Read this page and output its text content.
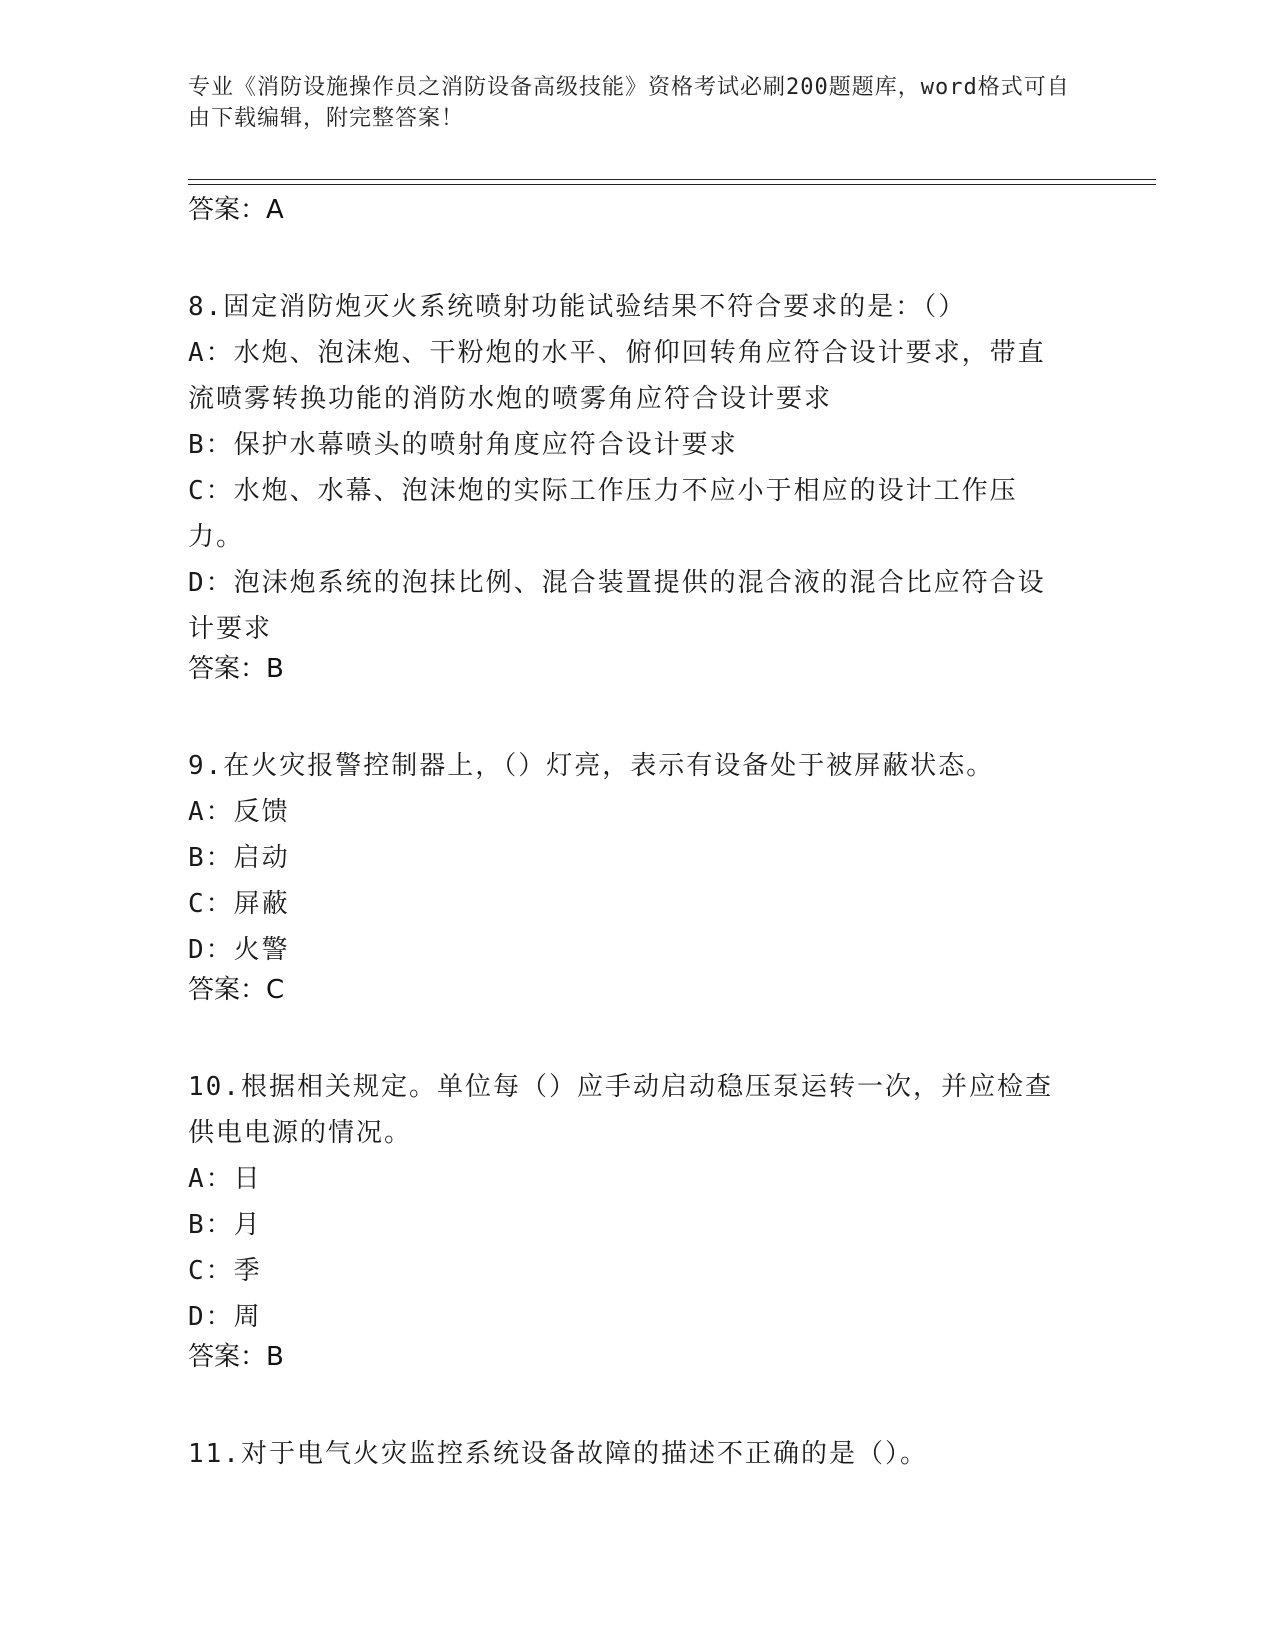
专业《消防设施操作员之消防设备高级技能》资格考试必刷200题题库，word格式可自由下载编辑，附完整答案！
答案：A

8.固定消防炮灭火系统喷射功能试验结果不符合要求的是：（）

A：水炮、泡沫炮、干粉炮的水平、俯仰回转角应符合设计要求，带直流喷雾转换功能的消防水炮的喷雾角应符合设计要求

B：保护水幕喷头的喷射角度应符合设计要求

C：水炮、水幕、泡沫炮的实际工作压力不应小于相应的设计工作压力。

D：泡沫炮系统的泡抹比例、混合装置提供的混合液的混合比应符合设计要求

答案：B

9.在火灾报警控制器上，（）灯亮，表示有设备处于被屏蔽状态。

A：反馈

B：启动

C：屏蔽

D：火警

答案：C

10.根据相关规定。单位每（）应手动启动稳压泵运转一次，并应检查供电电源的情况。

A：日

B：月

C：季

D：周

答案：B

11.对于电气火灾监控系统设备故障的描述不正确的是（）。
